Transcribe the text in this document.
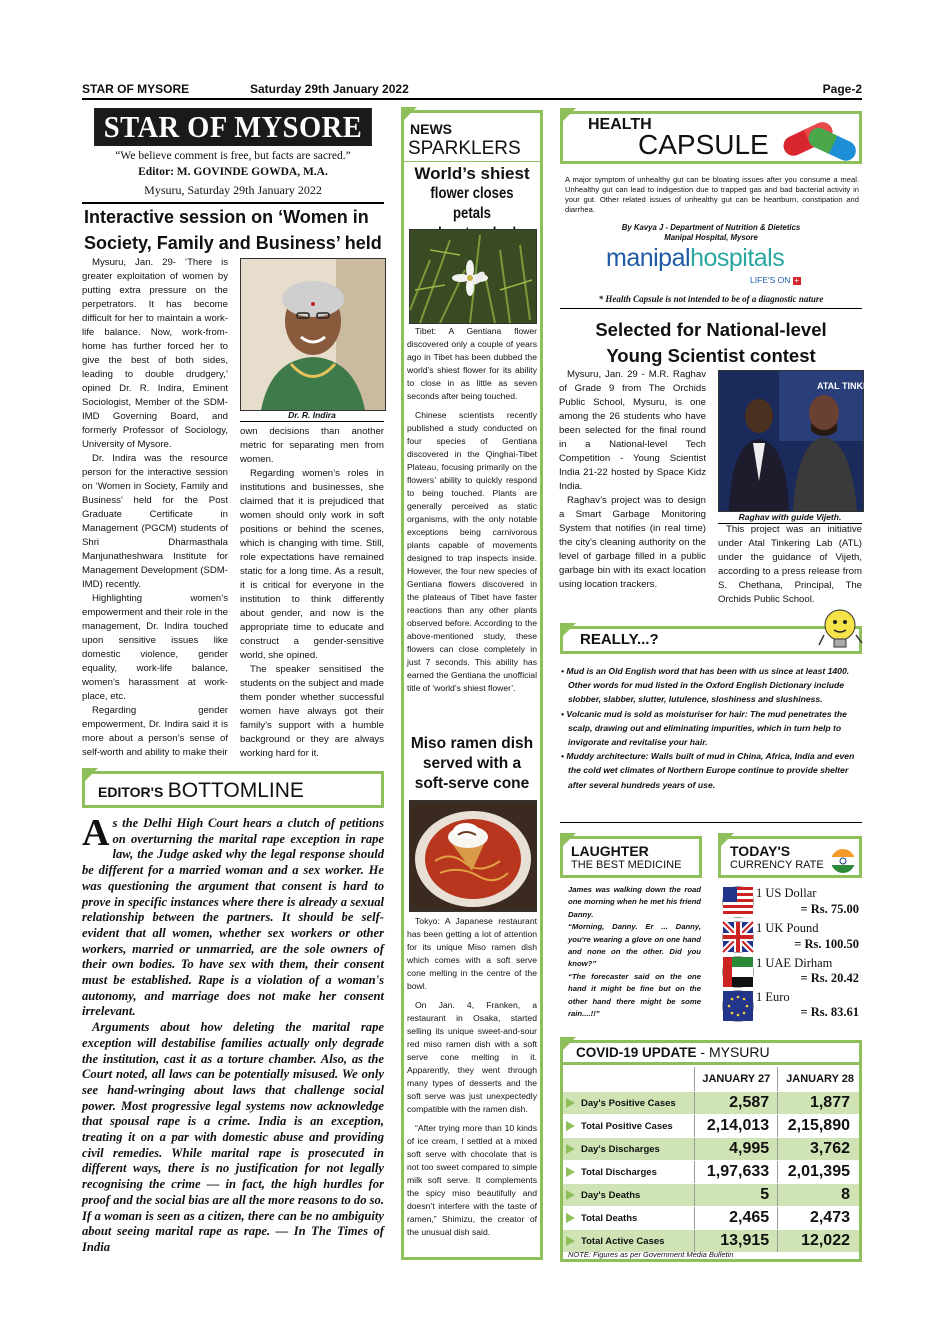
STAR OF MYSORE	Saturday 29th January 2022	Page-2
STAR OF MYSORE
“We believe comment is free, but facts are sacred.”
Editor: M. GOVINDE GOWDA, M.A.
Mysuru, Saturday 29th January 2022
Interactive session on ‘Women in
Society, Family and Business’ held
Mysuru, Jan. 29- ‘There is greater exploitation of women by putting extra pressure on the perpetrators. It has become difficult for her to maintain a work-life balance. Now, work-from-home has further forced her to give the best of both sides, leading to double drudgery,’ opined Dr. R. Indira, Eminent Sociologist, Member of the SDM-IMD Governing Board, and formerly Professor of Sociology, University of Mysore.
Dr. Indira was the resource person for the interactive session on ‘Women in Society, Family and Business’ held for the Post Graduate Certificate in Management (PGCM) students of Shri Dharmasthala Manjunatheshwara Institute for Management Development (SDM-IMD) recently.
Highlighting women’s empowerment and their role in the management, Dr. Indira touched upon sensitive issues like domestic violence, gender equality, work-life balance, women’s harassment at work-place, etc.
Regarding gender empowerment, Dr. Indira said it is more about a person’s sense of self-worth and ability to make their
Dr. R. Indira
own decisions than another metric for separating men from women.
Regarding women’s roles in institutions and businesses, she claimed that it is prejudiced that women should only work in soft positions or behind the scenes, which is changing with time. Still, role expectations have remained static for a long time. As a result, it is critical for everyone in the institution to think differently about gender, and now is the appropriate time to educate and construct a gender-sensitive world, she opined.
The speaker sensitised the students on the subject and made them ponder whether successful women have always got their family’s support with a humble background or they are always working hard for it.
EDITOR'S BOTTOMLINE
A s the Delhi High Court hears a clutch of petitions on overturning the marital rape exception in rape law, the Judge asked why the legal response should be different for a married woman and a sex worker. He was questioning the argument that consent is hard to prove in specific instances where there is already a sexual relationship between the partners. It should be self-evident that all women, whether sex workers or other workers, married or unmarried, are the sole owners of their own bodies. To have sex with them, their consent must be established. Rape is a violation of a woman's autonomy, and marriage does not make her consent irrelevant.
Arguments about how deleting the marital rape exception will destabilise families actually only degrade the institution, cast it as a torture chamber. Also, as the Court noted, all laws can be potentially misused. We only see hand-wringing about laws that challenge social power. Most progressive legal systems now acknowledge that spousal rape is a crime. India is an exception, treating it on a par with domestic abuse and providing civil remedies. While marital rape is prosecuted in different ways, there is no justification for not legally recognising the crime — in fact, the high hurdles for proof and the social bias are all the more reasons to do so. If a woman is seen as a citizen, there can be no ambiguity about seeing marital rape as rape. — In The Times of India
NEWS
SPARKLERS
World’s shiest
flower closes petals
Tibet: A Gentiana flower discovered only a couple of years ago in Tibet has been dubbed the world’s shiest flower for its ability to close in as little as seven seconds after being touched.
Chinese scientists recently published a study conducted on four species of Gentiana discovered in the Qinghai-Tibet Plateau, focusing primarily on the flowers’ ability to quickly respond to being touched. Plants are generally perceived as static organisms, with the only notable exceptions being carnivorous plants capable of movements designed to trap inspects inside. However, the four new species of Gentiana flowers discovered in the plateaus of Tibet have faster reactions than any other plants observed before. According to the above-mentioned study, these flowers can close completely in just 7 seconds. This ability has earned the Gentiana the unofficial title of ‘world’s shiest flower’.
Miso ramen dish
served with a
soft-serve cone
Tokyo: A Japanese restaurant has been getting a lot of attention for its unique Miso ramen dish which comes with a soft serve cone melting in the centre of the bowl.
On Jan. 4, Franken, a restaurant in Osaka, started selling its unique sweet-and-sour red miso ramen dish with a soft serve cone melting in it. Apparently, they went through many types of desserts and the soft serve was just unexpectedly compatible with the ramen dish.
“After trying more than 10 kinds of ice cream, I settled at a mixed soft serve with chocolate that is not too sweet compared to simple milk soft serve. It complements the spicy miso beautifully and doesn’t interfere with the taste of ramen,” Shimizu, the creator of the unusual dish said.
HEALTH
CAPSULE
A major symptom of unhealthy gut can be bloating issues after you consume a meal. Unhealthy gut can lead to indigestion due to trapped gas and bad bacterial activity in your gut. Other related issues of unhealthy gut can be heartburn, constipation and diarrhea.
By Kavya J - Department of Nutrition & Dietetics
Manipal Hospital, Mysore
manipalhospitals
LIFE'S ON +
* Health Capsule is not intended to be of a diagnostic nature
Selected for National-level
Young Scientist contest
Mysuru, Jan. 29 - M.R. Raghav of Grade 9 from The Orchids Public School, Mysuru, is one among the 26 students who have been selected for the final round in a National-level Tech Competition - Young Scientist India 21-22 hosted by Space Kidz India.
Raghav’s project was to design a Smart Garbage Monitoring System that notifies (in real time) the city’s cleaning authority on the level of garbage filled in a public garbage bin with its exact location using location trackers.
ATAL TINKERING LAB
Raghav with guide Vijeth.
This project was an initiative under Atal Tinkering Lab (ATL) under the guidance of Vijeth, according to a press release from S. Chethana, Principal, The Orchids Public School.
REALLY...?
• Mud is an Old English word that has been with us since at least 1400. Other words for mud listed in the Oxford English Dictionary include slobber, slabber, slutter, lutulence, sloshiness and slushiness.
• Volcanic mud is sold as moisturiser for hair: The mud penetrates the scalp, drawing out and eliminating impurities, which in turn help to invigorate and revitalise your hair.
• Muddy architecture: Walls built of mud in China, Africa, India and even the cold wet climates of Northern Europe continue to provide shelter after several hundreds years of use.
LAUGHTER
THE BEST MEDICINE
James was walking down the road one morning when he met his friend Danny.
“Morning, Danny. Er ... Danny, you're wearing a glove on one hand and none on the other. Did you know?”
“The forecaster said on the one hand it might be fine but on the other hand there might be some rain....!!”
TODAY'S
CURRENCY RATE
1 US Dollar
= Rs. 75.00
1 UK Pound
= Rs. 100.50
1 UAE Dirham
= Rs. 20.42
1 Euro
= Rs. 83.61
COVID-19 UPDATE - MYSURU
	JANUARY 27	JANUARY 28
Day's Positive Cases	2,587	1,877
Total Positive Cases	2,14,013	2,15,890
Day's Discharges	4,995	3,762
Total Discharges	1,97,633	2,01,395
Day's Deaths	5	8
Total Deaths	2,465	2,473
Total Active Cases	13,915	12,022
NOTE: Figures as per Government Media Bulletin
